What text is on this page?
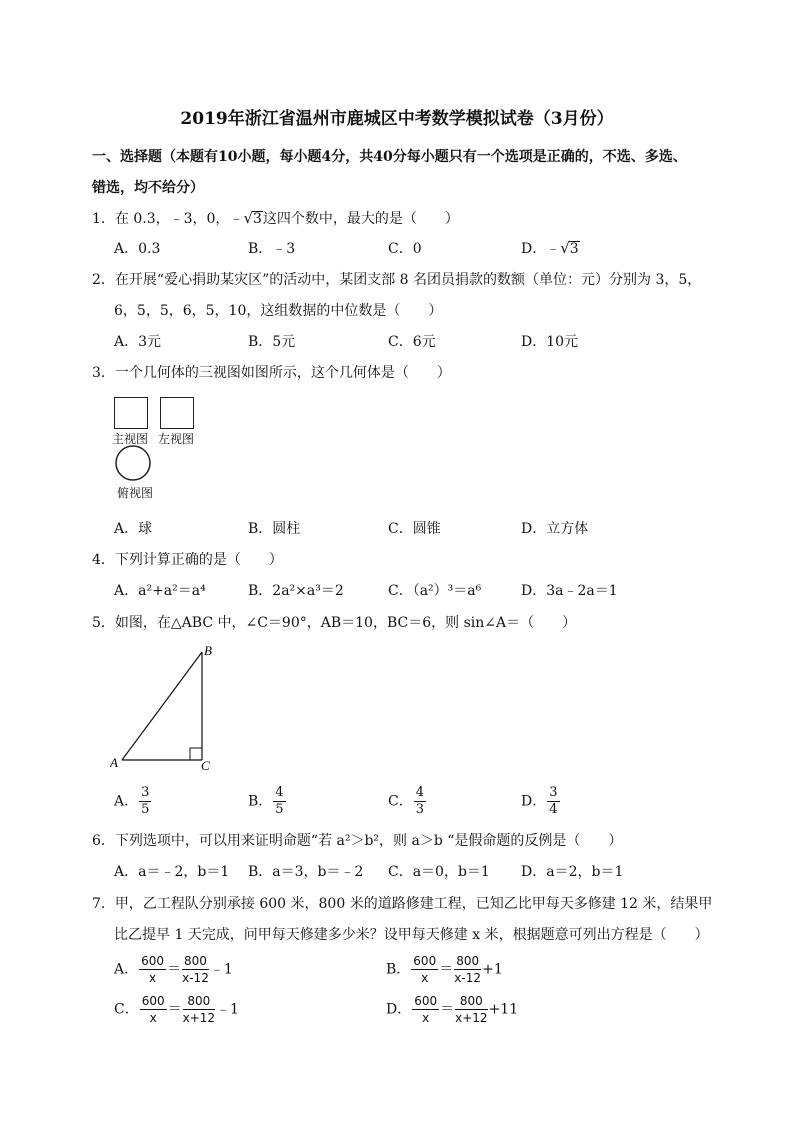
2019年浙江省温州市鹿城区中考数学模拟试卷（3月份）
一、选择题（本题有10小题，每小题4分，共40分每小题只有一个选项是正确的，不选、多选、
错选，均不给分）
1．在 0.3，﹣3，0，﹣√3这四个数中，最大的是（　　）
A．0.3	B．﹣3	C．0	D．﹣√3
2．在开展“爱心捐助某灾区”的活动中，某团支部 8 名团员捐款的数额（单位：元）分别为 3，5，
6，5，5，6，5，10，这组数据的中位数是（　　）
A．3元	B．5元	C．6元	D．10元
3．一个几何体的三视图如图所示，这个几何体是（　　）
主视图 左视图
俯视图
A．球	B．圆柱	C．圆锥	D．立方体
4．下列计算正确的是（　　）
A．a²+a²＝a⁴	B．2a²×a³＝2	C．（a²）³＝a⁶	D．3a﹣2a＝1
5．如图，在△ABC 中，∠C＝90°，AB＝10，BC＝6，则 sin∠A＝（　　）
B
A	C
A． $\frac{3}{5}$	B． $\frac{4}{5}$	C． $\frac{4}{3}$	D． $\frac{3}{4}$
6．下列选项中，可以用来证明命题“若 a²＞b²，则 a＞b “是假命题的反例是（　　）
A．a＝﹣2，b＝1 B．a＝3，b＝﹣2 C．a＝0，b＝1 D．a＝2，b＝1
7．甲，乙工程队分别承接 600 米，800 米的道路修建工程，已知乙比甲每天多修建 12 米，结果甲
比乙提早 1 天完成，问甲每天修建多少米？设甲每天修建 x 米，根据题意可列出方程是（　　）
A． $\frac{600}{x} = \frac{800}{x-12}$ ﹣1	B． $\frac{600}{x} = \frac{800}{x-12} +1$
C． $\frac{600}{x} = \frac{800}{x+12}$ ﹣1	D． $\frac{600}{x} = \frac{800}{x+12} +11$
